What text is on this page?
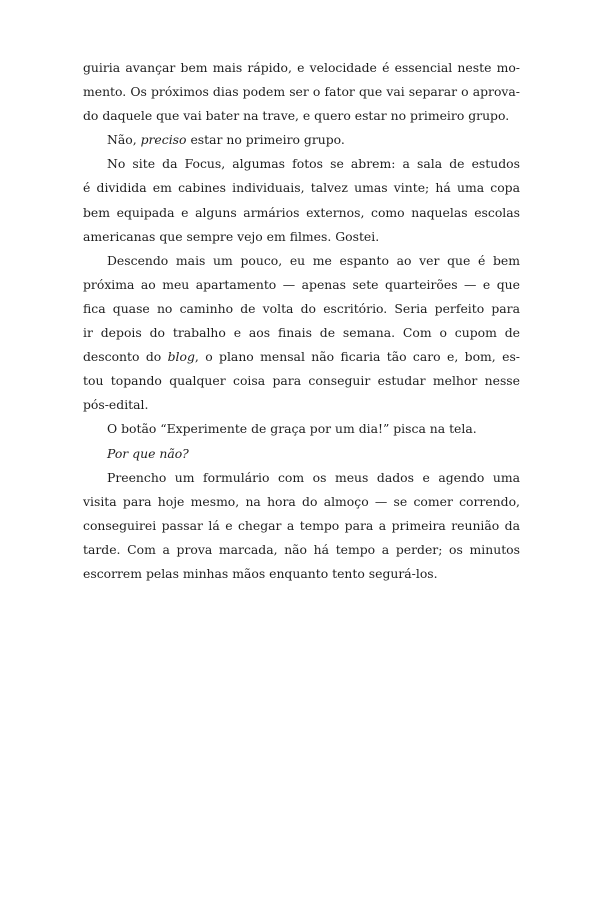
guiria avançar bem mais rápido, e velocidade é essencial neste mo-
mento. Os próximos dias podem ser o fator que vai separar o aprova-
do daquele que vai bater na trave, e quero estar no primeiro grupo.
Não, preciso estar no primeiro grupo.
No site da Focus, algumas fotos se abrem: a sala de estudos
é dividida em cabines individuais, talvez umas vinte; há uma copa
bem equipada e alguns armários externos, como naquelas escolas
americanas que sempre vejo em filmes. Gostei.
Descendo mais um pouco, eu me espanto ao ver que é bem
próxima ao meu apartamento — apenas sete quarteirões — e que
fica quase no caminho de volta do escritório. Seria perfeito para
ir depois do trabalho e aos finais de semana. Com o cupom de
desconto do blog, o plano mensal não ficaria tão caro e, bom, es-
tou topando qualquer coisa para conseguir estudar melhor nesse
pós-edital.
O botão “Experimente de graça por um dia!” pisca na tela.
Por que não?
Preencho um formulário com os meus dados e agendo uma
visita para hoje mesmo, na hora do almoço — se comer correndo,
conseguirei passar lá e chegar a tempo para a primeira reunião da
tarde. Com a prova marcada, não há tempo a perder; os minutos
escorrem pelas minhas mãos enquanto tento segurá-los.
